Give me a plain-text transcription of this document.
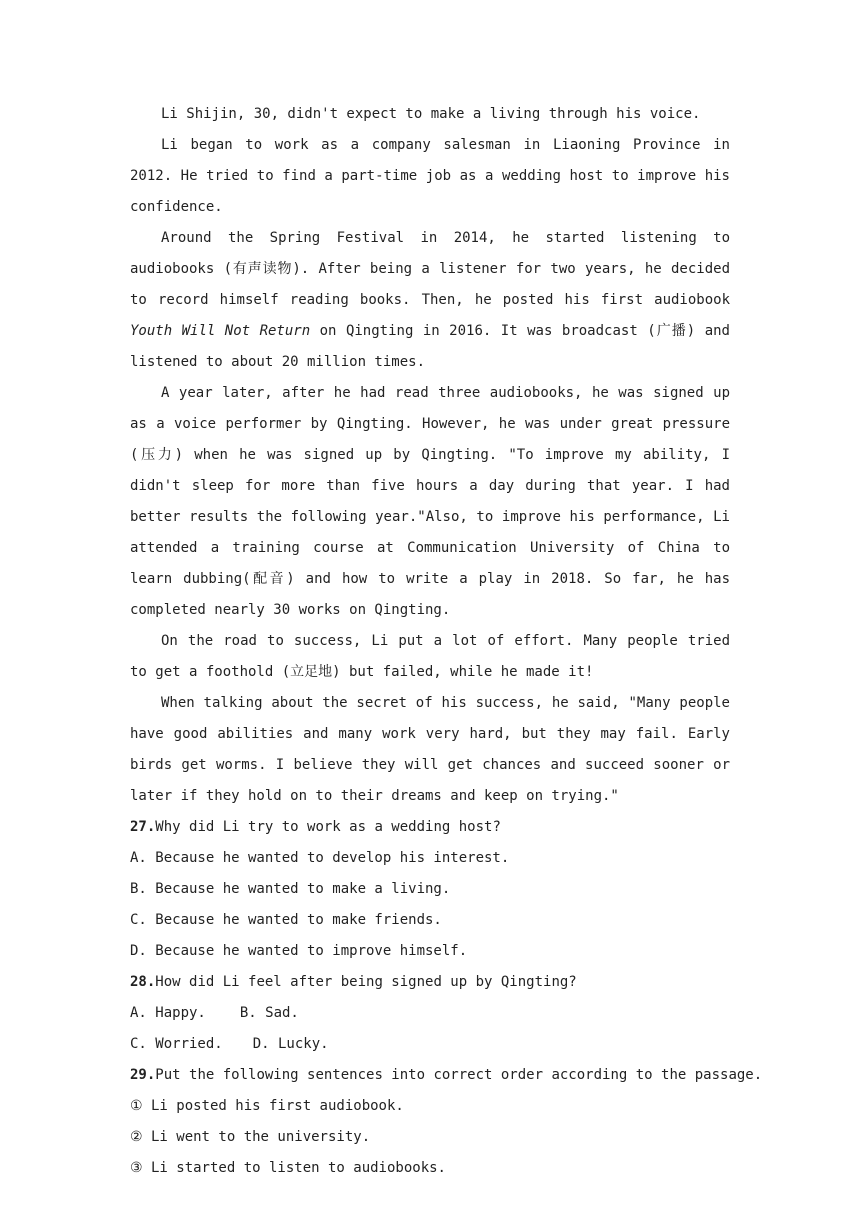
Li Shijin, 30, didn't expect to make a living through his voice.

Li began to work as a company salesman in Liaoning Province in 2012. He tried to find a part-time job as a wedding host to improve his confidence.

Around the Spring Festival in 2014, he started listening to audiobooks (有声读物). After being a listener for two years, he decided to record himself reading books. Then, he posted his first audiobook Youth Will Not Return on Qingting in 2016. It was broadcast (广播) and listened to about 20 million times.

A year later, after he had read three audiobooks, he was signed up as a voice performer by Qingting. However, he was under great pressure (压力) when he was signed up by Qingting. "To improve my ability, I didn't sleep for more than five hours a day during that year. I had better results the following year."Also, to improve his performance, Li attended a training course at Communication University of China to learn dubbing(配音) and how to write a play in 2018. So far, he has completed nearly 30 works on Qingting.

On the road to success, Li put a lot of effort. Many people tried to get a foothold (立足地) but failed, while he made it!

When talking about the secret of his success, he said, "Many people have good abilities and many work very hard, but they may fail. Early birds get worms. I believe they will get chances and succeed sooner or later if they hold on to their dreams and keep on trying."

27.Why did Li try to work as a wedding host?

A. Because he wanted to develop his interest.

B. Because he wanted to make a living.

C. Because he wanted to make friends.

D. Because he wanted to improve himself.

28.How did Li feel after being signed up by Qingting?

A. Happy. B. Sad.

C. Worried. D. Lucky.

29.Put the following sentences into correct order according to the passage.

① Li posted his first audiobook.

② Li went to the university.

③ Li started to listen to audiobooks.
